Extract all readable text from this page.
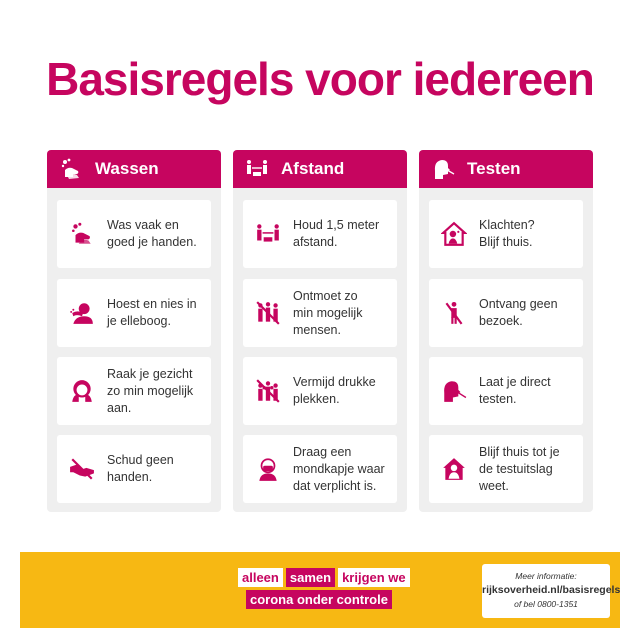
Basisregels voor iedereen
Wassen
Was vaak en
goed je handen.
Hoest en nies in
je elleboog.
Raak je gezicht
zo min mogelijk
aan.
Schud geen
handen.
Afstand
Houd 1,5 meter
afstand.
Ontmoet zo
min mogelijk
mensen.
Vermijd drukke
plekken.
Draag een
mondkapje waar
dat verplicht is.
Testen
Klachten?
Blijf thuis.
Ontvang geen
bezoek.
Laat je direct
testen.
Blijf thuis tot je
de testuitslag
weet.
alleen samen krijgen we
corona onder controle
Meer informatie:
rijksoverheid.nl/basisregels
of bel 0800-1351
